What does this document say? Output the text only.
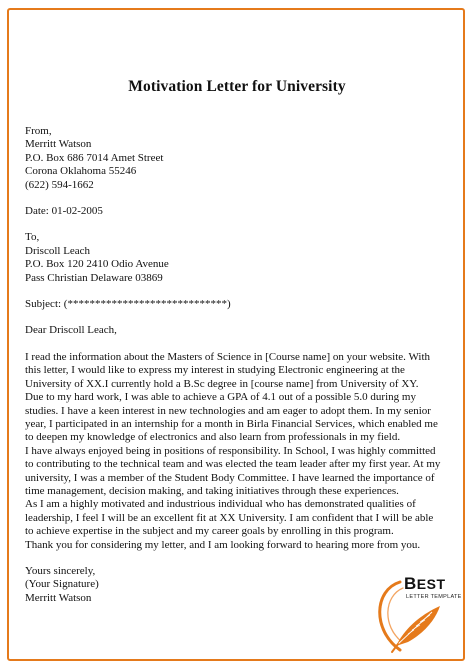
Motivation Letter for University
From,
Merritt Watson
P.O. Box 686 7014 Amet Street
Corona Oklahoma 55246
(622) 594-1662
Date: 01-02-2005
To,
Driscoll Leach
P.O. Box 120 2410 Odio Avenue
Pass Christian Delaware 03869
Subject: (*****************************)
Dear Driscoll Leach,
I read the information about the Masters of Science in [Course name] on your website. With
this letter, I would like to express my interest in studying Electronic engineering at the
University of XX.I currently hold a B.Sc degree in [course name] from University of XY.
Due to my hard work, I was able to achieve a GPA of 4.1 out of a possible 5.0 during my
studies. I have a keen interest in new technologies and am eager to adopt them. In my senior
year, I participated in an internship for a month in Birla Financial Services, which enabled me
to deepen my knowledge of electronics and also learn from professionals in my field.
I have always enjoyed being in positions of responsibility. In School, I was highly committed
to contributing to the technical team and was elected the team leader after my first year. At my
university, I was a member of the Student Body Committee. I have learned the importance of
time management, decision making, and taking initiatives through these experiences.
As I am a highly motivated and industrious individual who has demonstrated qualities of
leadership, I feel I will be an excellent fit at XX University. I am confident that I will be able
to achieve expertise in the subject and my career goals by enrolling in this program.
Thank you for considering my letter, and I am looking forward to hearing more from you.
Yours sincerely,
(Your Signature)
Merritt Watson
BEST
LETTER TEMPLATE
